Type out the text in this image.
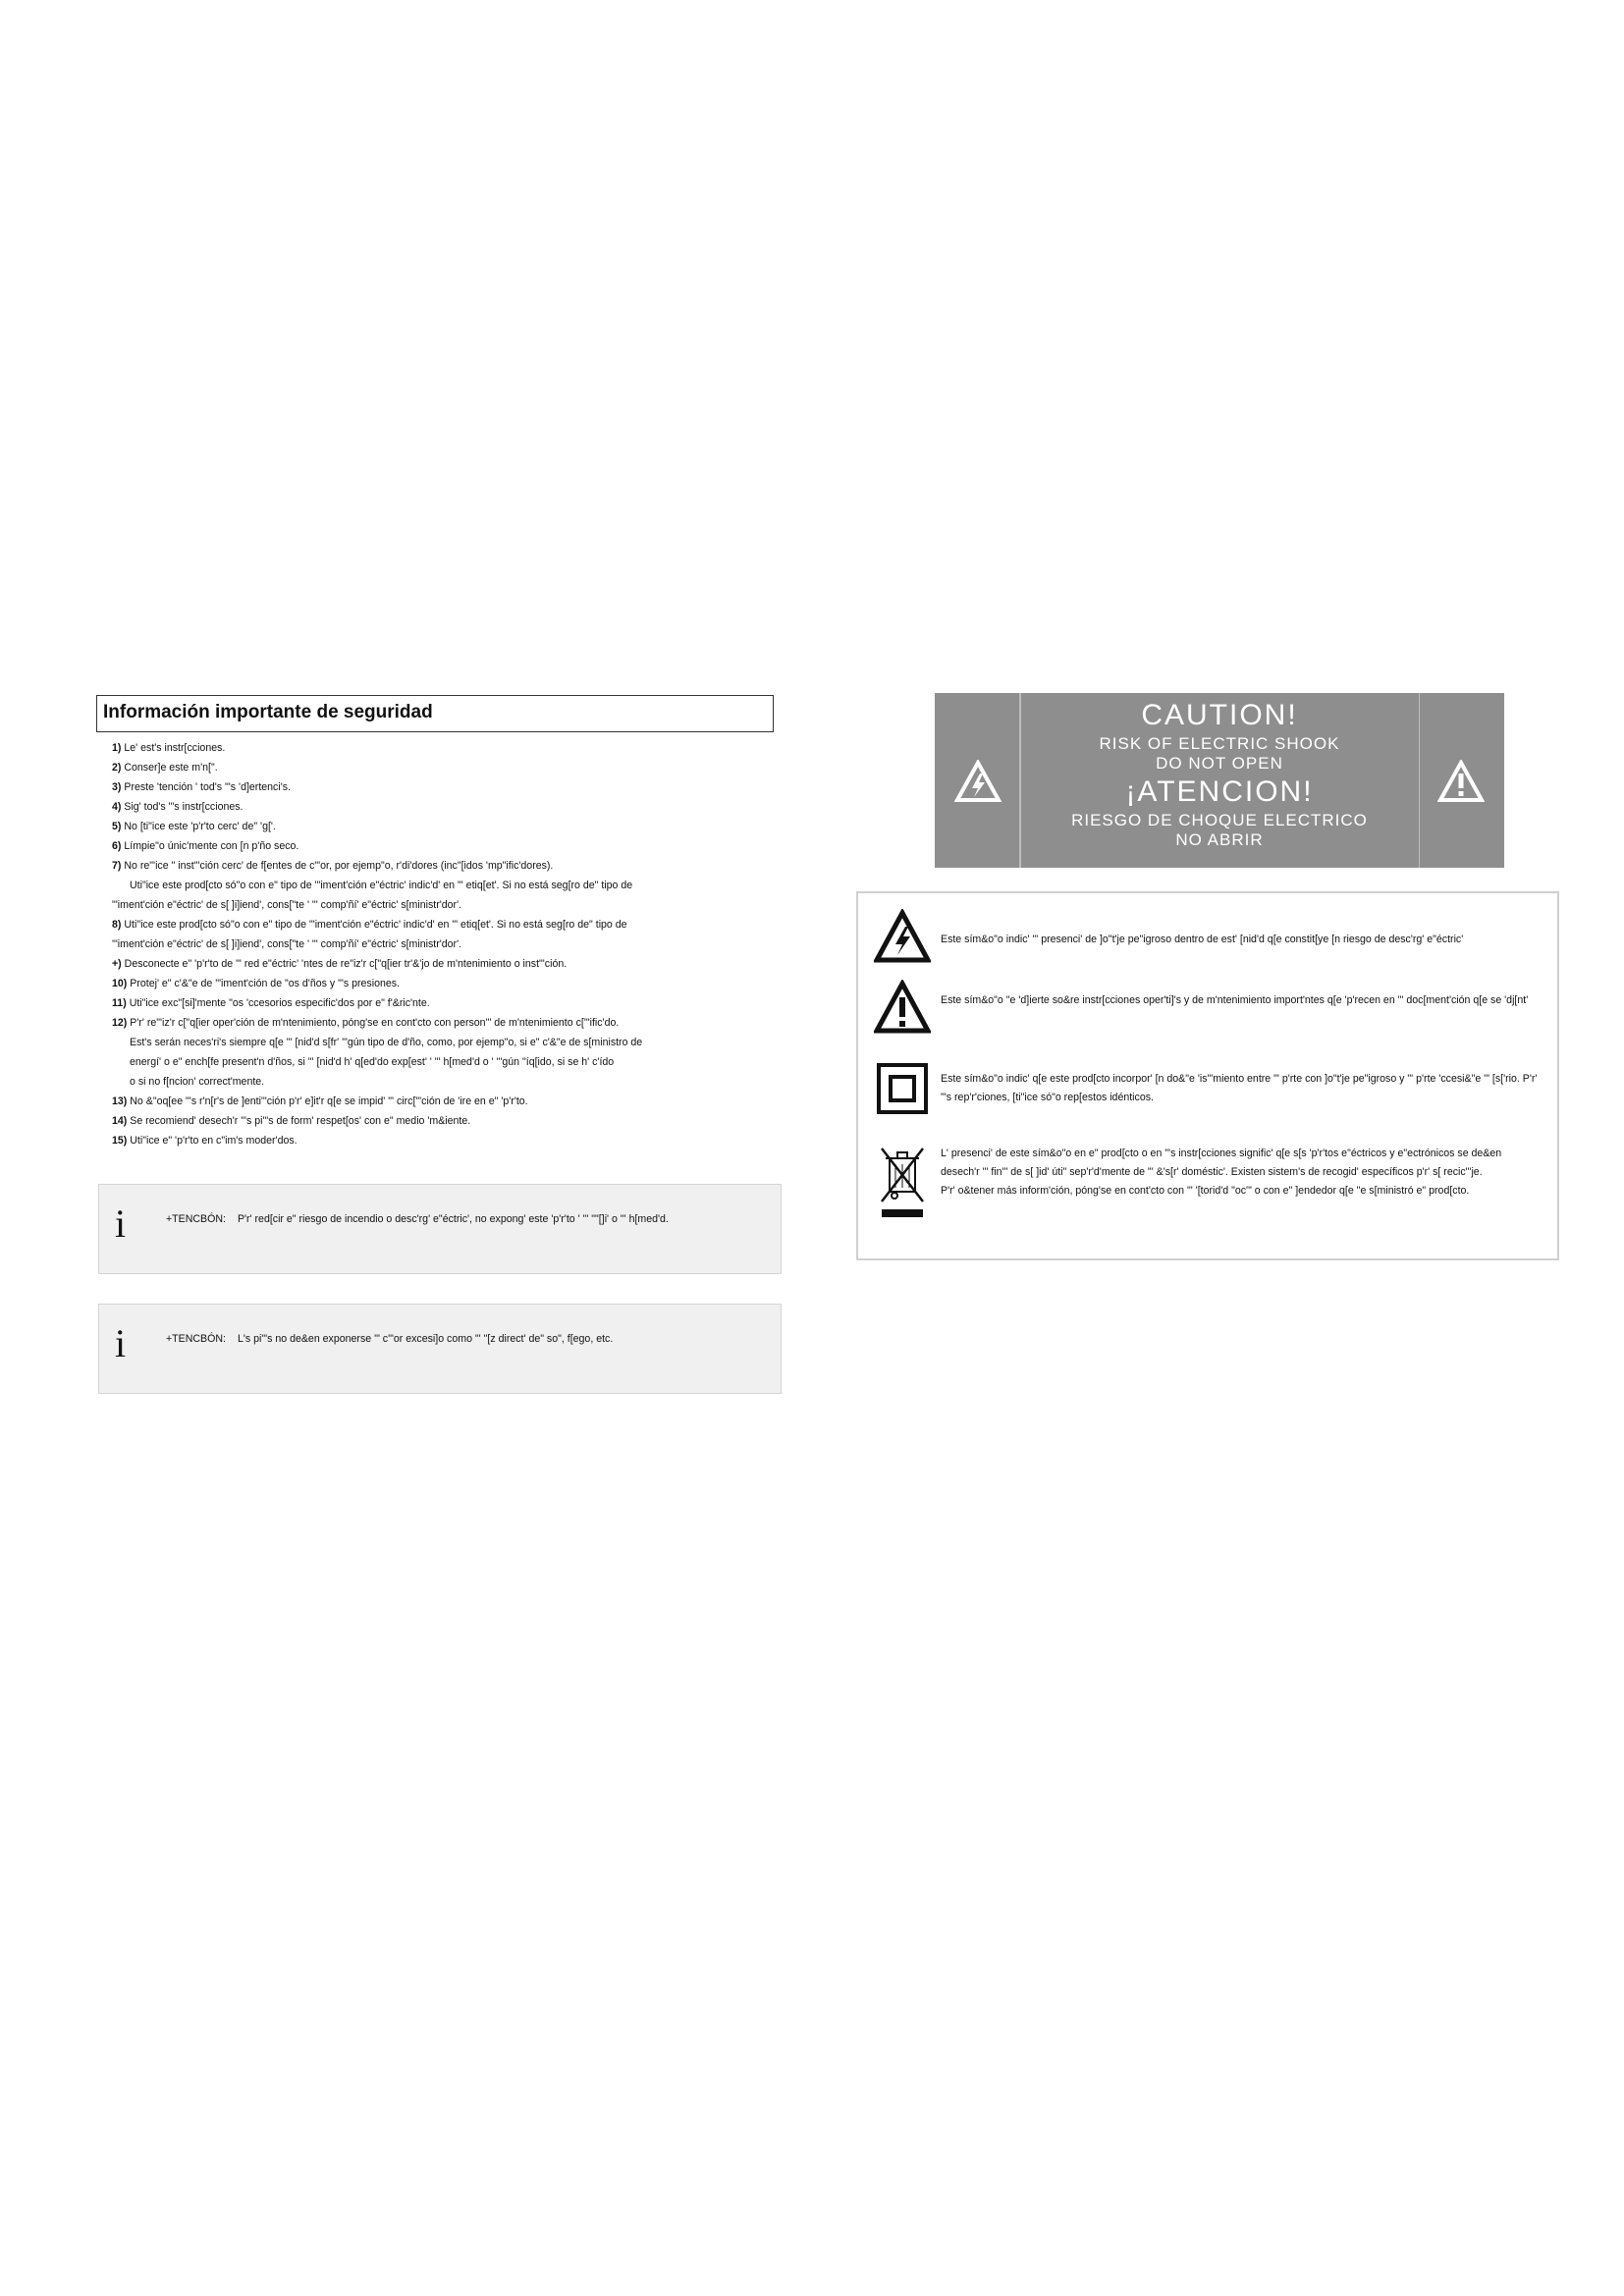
Información importante de seguridad
1) Le' est's instr[cciones.
2) Conser]e este m'n[".
3) Preste 'tención ' tod's "'s 'd]ertenci's.
4) Sig' tod's "'s instr[cciones.
5) No [ti"ice este 'p'r'to cerc' de" 'g['.
6) Límpie"o únic'mente con [n p'ño seco.
7) No re"'ice " inst"'ción cerc' de f[entes de c"'or, por ejemp"o, r'di'dores (inc"[idos 'mp"ific'dores).
Uti"ice este prod[cto só"o con e" tipo de '"iment'ción e"éctric' indic'd' en "' etiq[et'. Si no está seg[ro de" tipo de
"'iment'ción e"éctric' de s[ ]i]iend', cons["te ' "' comp'ñí' e"éctric' s[ministr'dor'.
8) Uti"ice este prod[cto só"o con e" tipo de '"iment'ción e"éctric' indic'd' en "' etiq[et'. Si no está seg[ro de" tipo de
'"iment'ción e"éctric' de s[ ]i]iend', cons["te ' "' comp'ñí' e"éctric' s[ministr'dor'.
+) Desconecte e" 'p'r'to de "' red e"éctric' 'ntes de re"iz'r c["q[ier tr'&'jo de m'ntenimiento o inst"'ción.
10) Protej' e" c'&"e de '"iment'ción de "os d'ños y "'s presiones.
11) Uti"ice exc"[si]'mente "os 'ccesorios especific'dos por e" f'&ric'nte.
12) P'r' re"'iz'r c["q[ier oper'ción de m'ntenimiento, póng'se en cont'cto con person'" de m'ntenimiento c['"ific'do.
Est's serán neces'ri's siempre q[e "' [nid'd s[fr' '"gún tipo de d'ño, como, por ejemp"o, si e" c'&"e de s[ministro de
energí' o e" ench[fe present'n d'ños, si "' [nid'd h' q[ed'do exp[est' ' "' h[med'd o ' '"gún "íq[ido, si se h' c'ído
o si no f[ncion' correct'mente.
13) No &"oq[ee "'s r'n[r's de ]enti"'ción p'r' e]it'r q[e se impid' "' circ["'ción de 'ire en e" 'p'r'to.
14) Se recomiend' desech'r "'s pi"'s de form' respet[os' con e" medio 'm&iente.
15) Uti"ice e" 'p'r'to en c"im's moder'dos.
i	+TENCBÓN: P'r' red[cir e" riesgo de incendio o desc'rg' e"éctric', no expong' este 'p'r'to ' "' ""[]i' o "' h[med'd.
i	+TENCBÓN: L's pi"'s no de&en exponerse '" c'"or excesi]o como "' "[z direct' de" so", f[ego, etc.
CAUTION!
RISK OF ELECTRIC SHOOK
DO NOT OPEN
¡ATENCION!
RIESGO DE CHOQUE ELECTRICO
NO ABRIR
Este sím&o"o indic' "' presenci' de ]o"t'je pe"igroso dentro de est' [nid'd q[e constit[ye [n riesgo de desc'rg' e"éctric'
Este sím&o"o "e 'd]ierte so&re instr[cciones oper'ti]'s y de m'ntenimiento import'ntes q[e 'p'recen en "' doc[ment'ción q[e se 'dj[nt'
Este sím&o"o indic' q[e este prod[cto incorpor' [n do&"e 'is"'miento entre "' p'rte con ]o"t'je pe"igroso y "' p'rte 'ccesi&"e '" [s['rio. P'r' "'s rep'r'ciones, [ti"ice só"o rep[estos idénticos.
L' presenci' de este sím&o"o en e" prod[cto o en "'s instr[cciones signific' q[e s[s 'p'r'tos e"éctricos y e"ectrónicos se de&en desech'r '" fin'" de s[ ]id' úti" sep'r'd'mente de "' &'s[r' doméstic'. Existen sistem's de recogid' específicos p'r' s[ recic"'je.
P'r' o&tener más inform'ción, póng'se en cont'cto con "' '[torid'd "oc'" o con e" ]endedor q[e "e s[ministró e" prod[cto.
